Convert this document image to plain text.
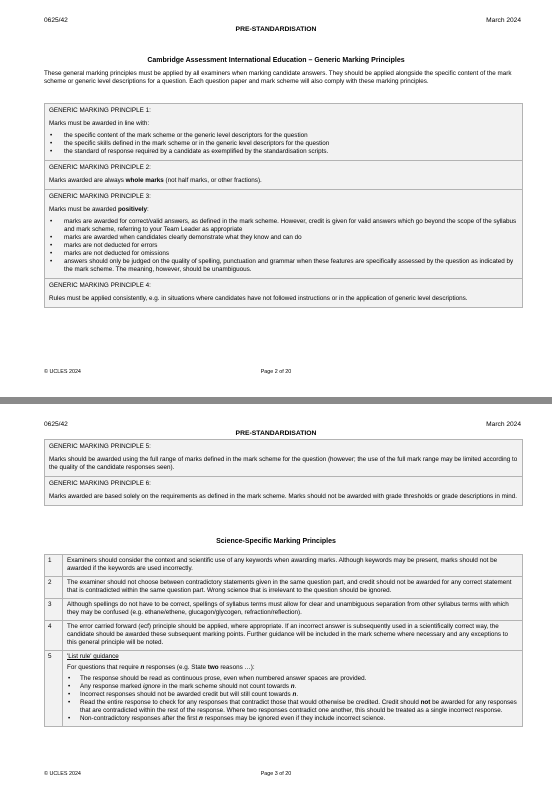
0625/42	March 2024
PRE-STANDARDISATION
Cambridge Assessment International Education – Generic Marking Principles
These general marking principles must be applied by all examiners when marking candidate answers. They should be applied alongside the specific content of the mark scheme or generic level descriptions for a question. Each question paper and mark scheme will also comply with these marking principles.

GENERIC MARKING PRINCIPLE 1:

Marks must be awarded in line with:

• the specific content of the mark scheme or the generic level descriptors for the question
• the specific skills defined in the mark scheme or in the generic level descriptors for the question
• the standard of response required by a candidate as exemplified by the standardisation scripts.

GENERIC MARKING PRINCIPLE 2:

Marks awarded are always whole marks (not half marks, or other fractions).

GENERIC MARKING PRINCIPLE 3:

Marks must be awarded positively:

• marks are awarded for correct/valid answers, as defined in the mark scheme. However, credit is given for valid answers which go beyond the scope of the syllabus and mark scheme, referring to your Team Leader as appropriate
• marks are awarded when candidates clearly demonstrate what they know and can do
• marks are not deducted for errors
• marks are not deducted for omissions
• answers should only be judged on the quality of spelling, punctuation and grammar when these features are specifically assessed by the question as indicated by the mark scheme. The meaning, however, should be unambiguous.

GENERIC MARKING PRINCIPLE 4:

Rules must be applied consistently, e.g. in situations where candidates have not followed instructions or in the application of generic level descriptions.

© UCLES 2024	Page 2 of 20
0625/42	March 2024
PRE-STANDARDISATION

GENERIC MARKING PRINCIPLE 5:

Marks should be awarded using the full range of marks defined in the mark scheme for the question (however; the use of the full mark range may be limited according to the quality of the candidate responses seen).

GENERIC MARKING PRINCIPLE 6:

Marks awarded are based solely on the requirements as defined in the mark scheme. Marks should not be awarded with grade thresholds or grade descriptions in mind.

Science-Specific Marking Principles
1	Examiners should consider the context and scientific use of any keywords when awarding marks. Although keywords may be present, marks should not be awarded if the keywords are used incorrectly.
2	The examiner should not choose between contradictory statements given in the same question part, and credit should not be awarded for any correct statement that is contradicted within the same question part. Wrong science that is irrelevant to the question should be ignored.
3	Although spellings do not have to be correct, spellings of syllabus terms must allow for clear and unambiguous separation from other syllabus terms with which they may be confused (e.g. ethane/ethene, glucagon/glycogen, refraction/reflection).
4	The error carried forward (ecf) principle should be applied, where appropriate. If an incorrect answer is subsequently used in a scientifically correct way, the candidate should be awarded these subsequent marking points. Further guidance will be included in the mark scheme where necessary and any exceptions to this general principle will be noted.
5	'List rule' guidance

For questions that require n responses (e.g. State two reasons …):

• The response should be read as continuous prose, even when numbered answer spaces are provided.
• Any response marked ignore in the mark scheme should not count towards n.
• Incorrect responses should not be awarded credit but will still count towards n.
• Read the entire response to check for any responses that contradict those that would otherwise be credited. Credit should not be awarded for any responses that are contradicted within the rest of the response. Where two responses contradict one another, this should be treated as a single incorrect response.
• Non-contradictory responses after the first n responses may be ignored even if they include incorrect science.
© UCLES 2024	Page 3 of 20
12牛社
